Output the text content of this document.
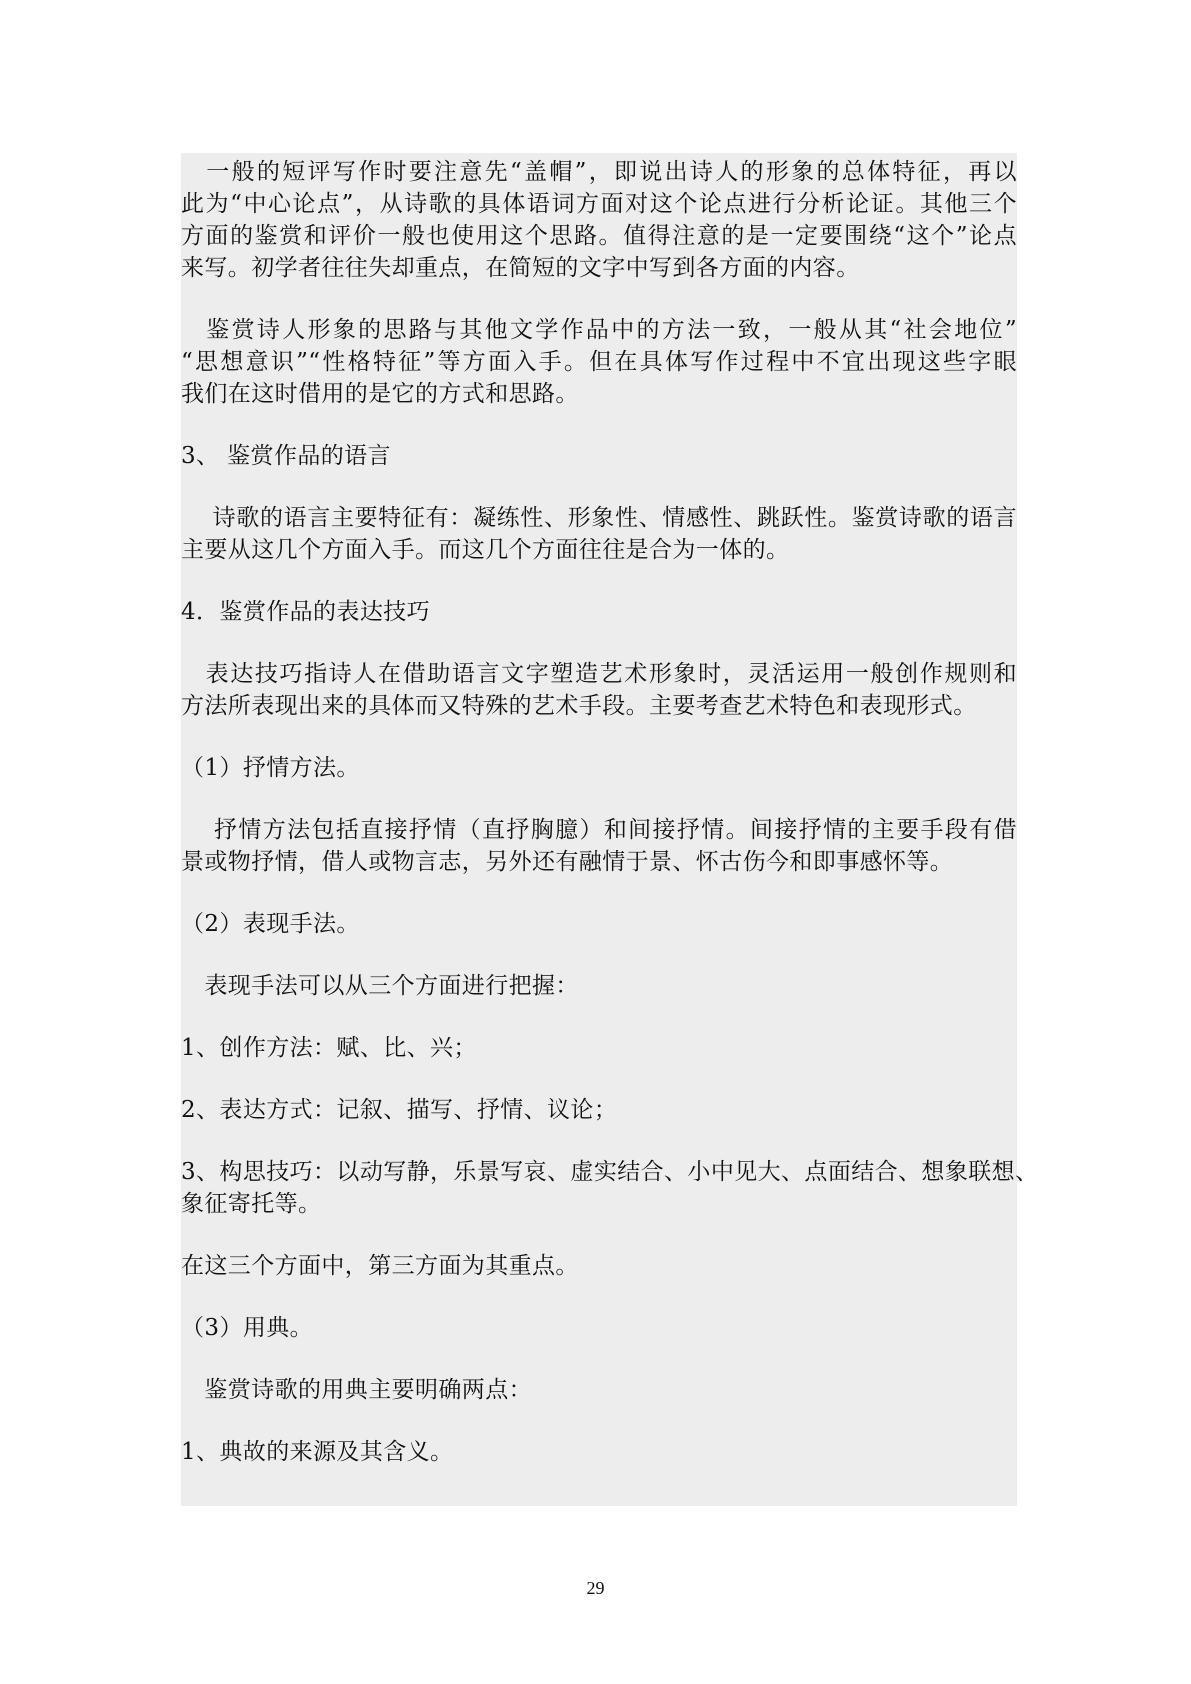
　一般的短评写作时要注意先“盖帽”，即说出诗人的形象的总体特征，再以
此为“中心论点”，从诗歌的具体语词方面对这个论点进行分析论证。其他三个
方面的鉴赏和评价一般也使用这个思路。值得注意的是一定要围绕“这个”论点
来写。初学者往往失却重点，在简短的文字中写到各方面的内容。
　鉴赏诗人形象的思路与其他文学作品中的方法一致，一般从其“社会地位”
“思想意识”“性格特征”等方面入手。但在具体写作过程中不宜出现这些字眼
我们在这时借用的是它的方式和思路。
3、 鉴赏作品的语言
　 诗歌的语言主要特征有：凝练性、形象性、情感性、跳跃性。鉴赏诗歌的语言
主要从这几个方面入手。而这几个方面往往是合为一体的。
4．鉴赏作品的表达技巧
　表达技巧指诗人在借助语言文字塑造艺术形象时，灵活运用一般创作规则和
方法所表现出来的具体而又特殊的艺术手段。主要考查艺术特色和表现形式。
（1）抒情方法。
　 抒情方法包括直接抒情（直抒胸臆）和间接抒情。间接抒情的主要手段有借
景或物抒情，借人或物言志，另外还有融情于景、怀古伤今和即事感怀等。
（2）表现手法。
　表现手法可以从三个方面进行把握：
1、创作方法：赋、比、兴；
2、表达方式：记叙、描写、抒情、议论；
3、构思技巧：以动写静，乐景写哀、虚实结合、小中见大、点面结合、想象联想、
象征寄托等。
在这三个方面中，第三方面为其重点。
（3）用典。
　鉴赏诗歌的用典主要明确两点：
1、典故的来源及其含义。
29
